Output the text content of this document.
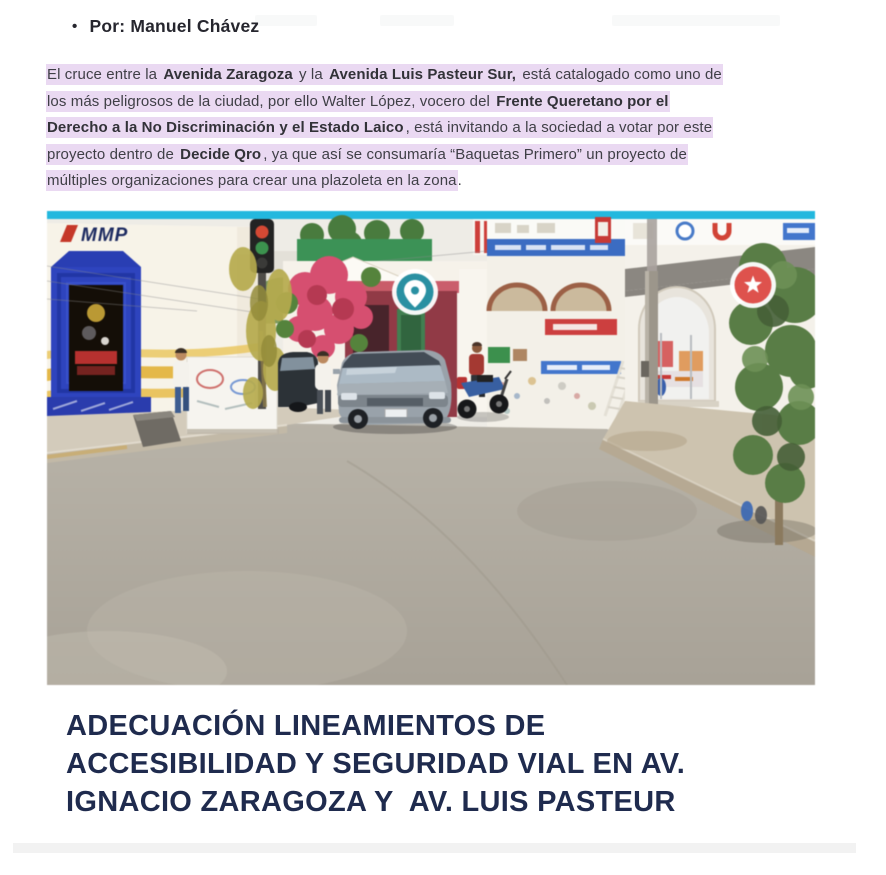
• Por: Manuel Chávez
El cruce entre la Avenida Zaragoza y la Avenida Luis Pasteur Sur, está catalogado como uno de
los más peligrosos de la ciudad, por ello Walter López, vocero del Frente Queretano por el
Derecho a la No Discriminación y el Estado Laico , está invitando a la sociedad a votar por este
proyecto dentro de Decide Qro , ya que así se consumaría “Baquetas Primero” un proyecto de
múltiples organizaciones para crear una plazoleta en la zona.
MMP
ADECUACIÓN LINEAMIENTOS DE
ACCESIBILIDAD Y SEGURIDAD VIAL EN AV.
IGNACIO ZARAGOZA Y  AV. LUIS PASTEUR
